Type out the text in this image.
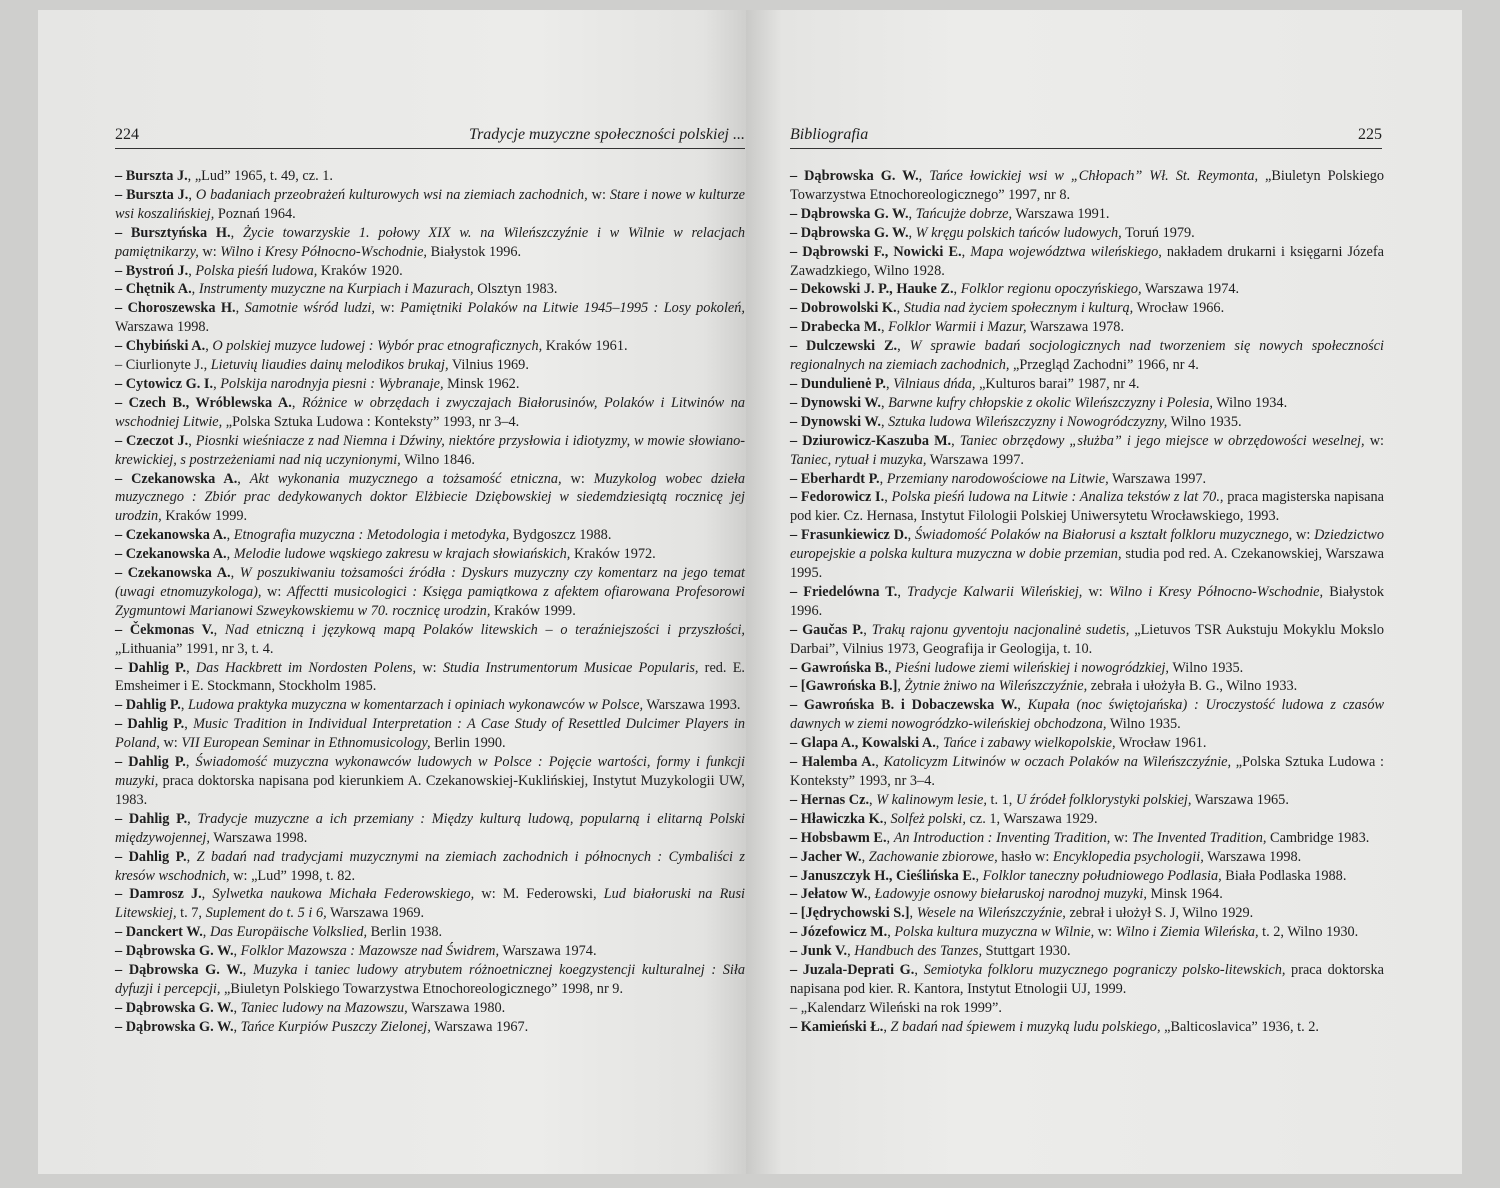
224	Tradycje muzyczne społeczności polskiej ...
– Bursztа J., „Lud” 1965, t. 49, cz. 1.
– Burszta J., O badaniach przeobrażeń kulturowych wsi na ziemiach zachodnich, w: Stare i nowe w kulturze wsi koszalińskiej, Poznań 1964.
– Bursztyńska H., Życie towarzyskie 1. połowy XIX w. na Wileńszczyźnie i w Wilnie w relacjach pamiętnikarzy, w: Wilno i Kresy Północno-Wschodnie, Białystok 1996.
– Bystroń J., Polska pieśń ludowa, Kraków 1920.
– Chętnik A., Instrumenty muzyczne na Kurpiach i Mazurach, Olsztyn 1983.
– Choroszewska H., Samotnie wśród ludzi, w: Pamiętniki Polaków na Litwie 1945–1995 : Losy pokoleń, Warszawa 1998.
– Chybiński A., O polskiej muzyce ludowej : Wybór prac etnograficznych, Kraków 1961.
– Ciurlionyte J., Lietuvių liaudies dainų melodikos brukaj, Vilnius 1969.
– Cytowicz G. I., Polskija narodnyja piesni : Wybranaje, Minsk 1962.
– Czech B., Wróblewska A., Różnice w obrzędach i zwyczajach Białorusinów, Polaków i Litwinów na wschodniej Litwie, „Polska Sztuka Ludowa : Konteksty” 1993, nr 3–4.
– Czeczot J., Piosnki wieśniacze z nad Niemna i Dźwiny, niektóre przysłowia i idiotyzmy, w mowie słowiano-krewickiej, s postrzeżeniami nad nią uczynionymi, Wilno 1846.
– Czekanowska A., Akt wykonania muzycznego a tożsamość etniczna, w: Muzykolog wobec dzieła muzycznego : Zbiór prac dedykowanych doktor Elżbiecie Dziębowskiej w siedemdziesiątą rocznicę jej urodzin, Kraków 1999.
– Czekanowska A., Etnografia muzyczna : Metodologia i metodyka, Bydgoszcz 1988.
– Czekanowska A., Melodie ludowe wąskiego zakresu w krajach słowiańskich, Kraków 1972.
– Czekanowska A., W poszukiwaniu tożsamości źródła : Dyskurs muzyczny czy komentarz na jego temat (uwagi etnomuzykologa), w: Affectti musicologici : Księga pamiątkowa z afektem ofiarowana Profesorowi Zygmuntowi Marianowi Szweykowskiemu w 70. rocznicę urodzin, Kraków 1999.
– Čekmonas V., Nad etniczną i językową mapą Polaków litewskich – o teraźniejszości i przyszłości, „Lithuania” 1991, nr 3, t. 4.
– Dahlig P., Das Hackbrett im Nordosten Polens, w: Studia Instrumentorum Musicae Popularis, red. E. Emsheimer i E. Stockmann, Stockholm 1985.
– Dahlig P., Ludowa praktyka muzyczna w komentarzach i opiniach wykonawców w Polsce, Warszawa 1993.
– Dahlig P., Music Tradition in Individual Interpretation : A Case Study of Resettled Dulcimer Players in Poland, w: VII European Seminar in Ethnomusicology, Berlin 1990.
– Dahlig P., Świadomość muzyczna wykonawców ludowych w Polsce : Pojęcie wartości, formy i funkcji muzyki, praca doktorska napisana pod kierunkiem A. Czekanowskiej-Kuklińskiej, Instytut Muzykologii UW, 1983.
– Dahlig P., Tradycje muzyczne a ich przemiany : Między kulturą ludową, popularną i elitarną Polski międzywojennej, Warszawa 1998.
– Dahlig P., Z badań nad tradycjami muzycznymi na ziemiach zachodnich i północnych : Cymbaliści z kresów wschodnich, w: „Lud” 1998, t. 82.
– Damrosz J., Sylwetka naukowa Michała Federowskiego, w: M. Federowski, Lud białoruski na Rusi Litewskiej, t. 7, Suplement do t. 5 i 6, Warszawa 1969.
– Danckert W., Das Europäische Volkslied, Berlin 1938.
– Dąbrowska G. W., Folklor Mazowsza : Mazowsze nad Świdrem, Warszawa 1974.
– Dąbrowska G. W., Muzyka i taniec ludowy atrybutem różnoetnicznej koegzystencji kulturalnej : Siła dyfuzji i percepcji, „Biuletyn Polskiego Towarzystwa Etnochoreologicznego” 1998, nr 9.
– Dąbrowska G. W., Taniec ludowy na Mazowszu, Warszawa 1980.
– Dąbrowska G. W., Tańce Kurpiów Puszczy Zielonej, Warszawa 1967.
Bibliografia	225
– Dąbrowska G. W., Tańce łowickiej wsi w „Chłopach” Wł. St. Reymonta, „Biuletyn Polskiego Towarzystwa Etnochoreologicznego” 1997, nr 8.
– Dąbrowska G. W., Tańcujże dobrze, Warszawa 1991.
– Dąbrowska G. W., W kręgu polskich tańców ludowych, Toruń 1979.
– Dąbrowski F., Nowicki E., Mapa województwa wileńskiego, nakładem drukarni i księgarni Józefa Zawadzkiego, Wilno 1928.
– Dekowski J. P., Hauke Z., Folklor regionu opoczyńskiego, Warszawa 1974.
– Dobrowolski K., Studia nad życiem społecznym i kulturą, Wrocław 1966.
– Drabecka M., Folklor Warmii i Mazur, Warszawa 1978.
– Dulczewski Z., W sprawie badań socjologicznych nad tworzeniem się nowych społeczności regionalnych na ziemiach zachodnich, „Przegląd Zachodni” 1966, nr 4.
– Dundulienė P., Vilniaus dńda, „Kulturos barai” 1987, nr 4.
– Dynowski W., Barwne kufry chłopskie z okolic Wileńszczyzny i Polesia, Wilno 1934.
– Dynowski W., Sztuka ludowa Wileńszczyzny i Nowogródczyzny, Wilno 1935.
– Dziurowicz-Kaszuba M., Taniec obrzędowy „służba” i jego miejsce w obrzędowości weselnej, w: Taniec, rytuał i muzyka, Warszawa 1997.
– Eberhardt P., Przemiany narodowościowe na Litwie, Warszawa 1997.
– Fedorowicz I., Polska pieśń ludowa na Litwie : Analiza tekstów z lat 70., praca magisterska napisana pod kier. Cz. Hernasa, Instytut Filologii Polskiej Uniwersytetu Wrocławskiego, 1993.
– Frasunkiewicz D., Świadomość Polaków na Białorusi a kształt folkloru muzycznego, w: Dziedzictwo europejskie a polska kultura muzyczna w dobie przemian, studia pod red. A. Czekanowskiej, Warszawa 1995.
– Friedelówna T., Tradycje Kalwarii Wileńskiej, w: Wilno i Kresy Północno-Wschodnie, Białystok 1996.
– Gaučas P., Trakų rajonu gyventoju nacjonalinė sudetis, „Lietuvos TSR Aukstuju Mokyklu Mokslo Darbai”, Vilnius 1973, Geografija ir Geologija, t. 10.
– Gawrońska B., Pieśni ludowe ziemi wileńskiej i nowogródzkiej, Wilno 1935.
– [Gawrońska B.], Żytnie żniwo na Wileńszczyźnie, zebrała i ułożyła B. G., Wilno 1933.
– Gawrońska B. i Dobaczewska W., Kupała (noc świętojańska) : Uroczystość ludowa z czasów dawnych w ziemi nowogródzko-wileńskiej obchodzona, Wilno 1935.
– Glapa A., Kowalski A., Tańce i zabawy wielkopolskie, Wrocław 1961.
– Halemba A., Katolicyzm Litwinów w oczach Polaków na Wileńszczyźnie, „Polska Sztuka Ludowa : Konteksty” 1993, nr 3–4.
– Hernas Cz., W kalinowym lesie, t. 1, U źródeł folklorystyki polskiej, Warszawa 1965.
– Hławiczka K., Solfeż polski, cz. 1, Warszawa 1929.
– Hobsbawm E., An Introduction : Inventing Tradition, w: The Invented Tradition, Cambridge 1983.
– Jacher W., Zachowanie zbiorowe, hasło w: Encyklopedia psychologii, Warszawa 1998.
– Januszczyk H., Cieślińska E., Folklor taneczny południowego Podlasia, Biała Podlaska 1988.
– Jełatow W., Ładowyje osnowy biełaruskoj narodnoj muzyki, Minsk 1964.
– [Jędrychowski S.], Wesele na Wileńszczyźnie, zebrał i ułożył S. J, Wilno 1929.
– Józefowicz M., Polska kultura muzyczna w Wilnie, w: Wilno i Ziemia Wileńska, t. 2, Wilno 1930.
– Junk V., Handbuch des Tanzes, Stuttgart 1930.
– Juzala-Deprati G., Semiotyka folkloru muzycznego pograniczy polsko-litewskich, praca doktorska napisana pod kier. R. Kantora, Instytut Etnologii UJ, 1999.
– „Kalendarz Wileński na rok 1999”.
– Kamieński Ł., Z badań nad śpiewem i muzyką ludu polskiego, „Balticoslavica” 1936, t. 2.
